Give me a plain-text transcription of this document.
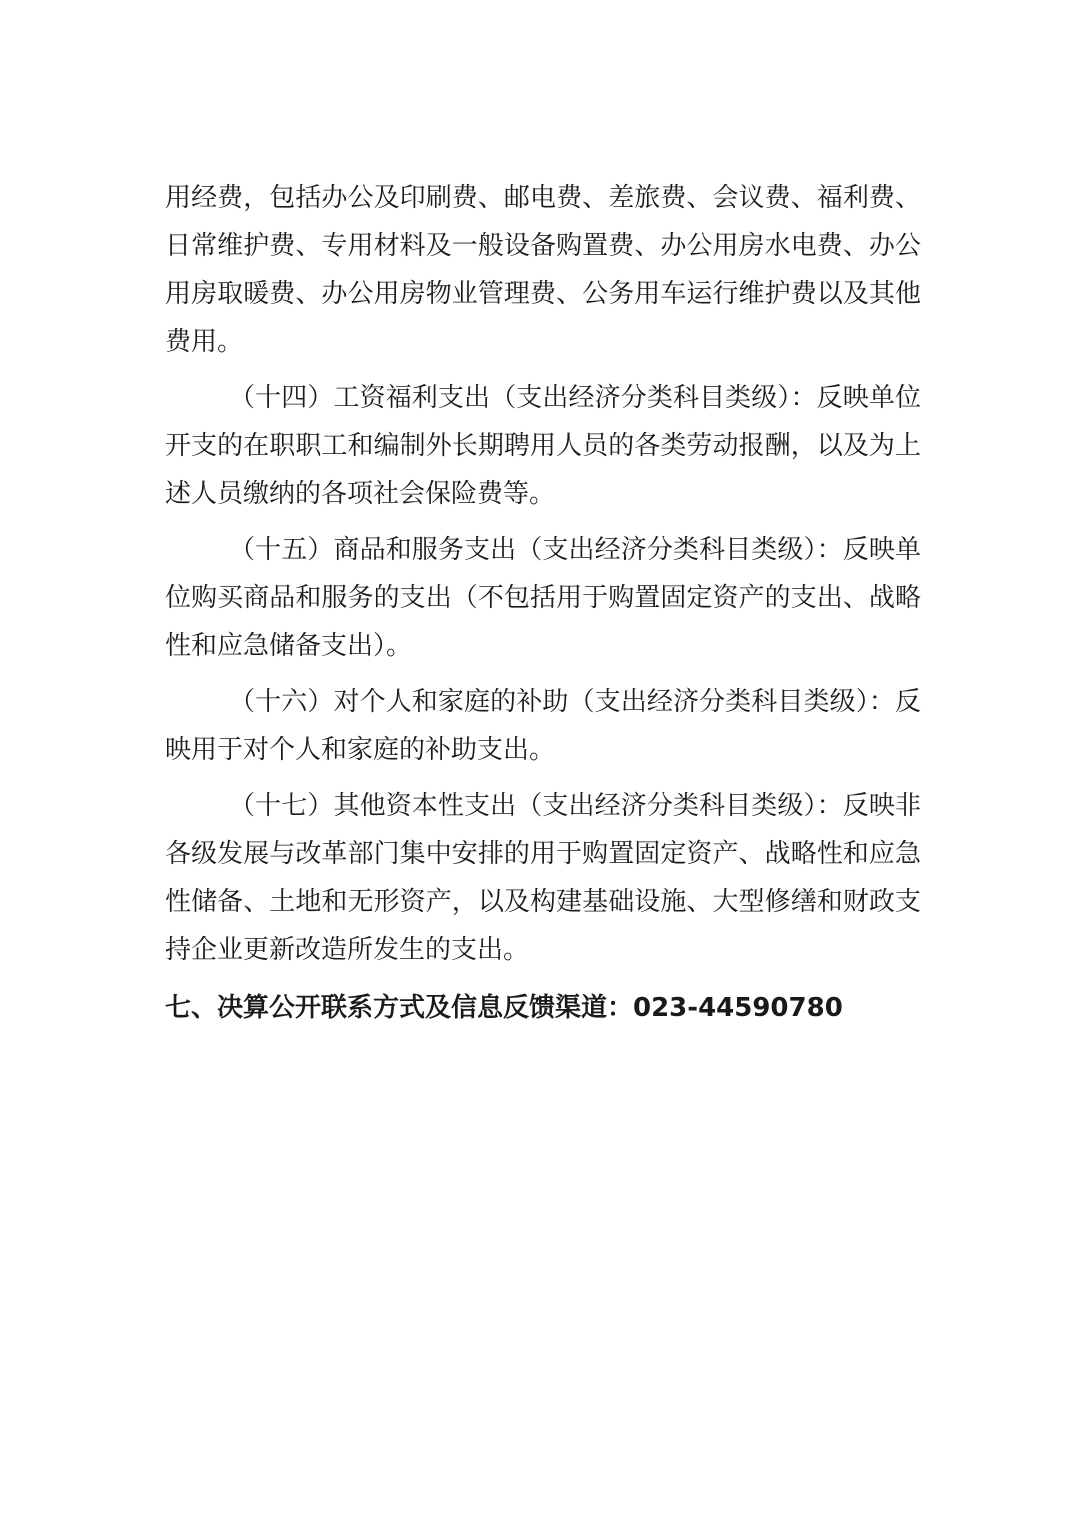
用经费，包括办公及印刷费、邮电费、差旅费、会议费、福利费、日常维护费、专用材料及一般设备购置费、办公用房水电费、办公用房取暖费、办公用房物业管理费、公务用车运行维护费以及其他费用。

（十四）工资福利支出（支出经济分类科目类级）：反映单位开支的在职职工和编制外长期聘用人员的各类劳动报酬，以及为上述人员缴纳的各项社会保险费等。

（十五）商品和服务支出（支出经济分类科目类级）：反映单位购买商品和服务的支出（不包括用于购置固定资产的支出、战略性和应急储备支出）。

（十六）对个人和家庭的补助（支出经济分类科目类级）：反映用于对个人和家庭的补助支出。

（十七）其他资本性支出（支出经济分类科目类级）：反映非各级发展与改革部门集中安排的用于购置固定资产、战略性和应急性储备、土地和无形资产，以及构建基础设施、大型修缮和财政支持企业更新改造所发生的支出。

七、决算公开联系方式及信息反馈渠道：023-44590780
